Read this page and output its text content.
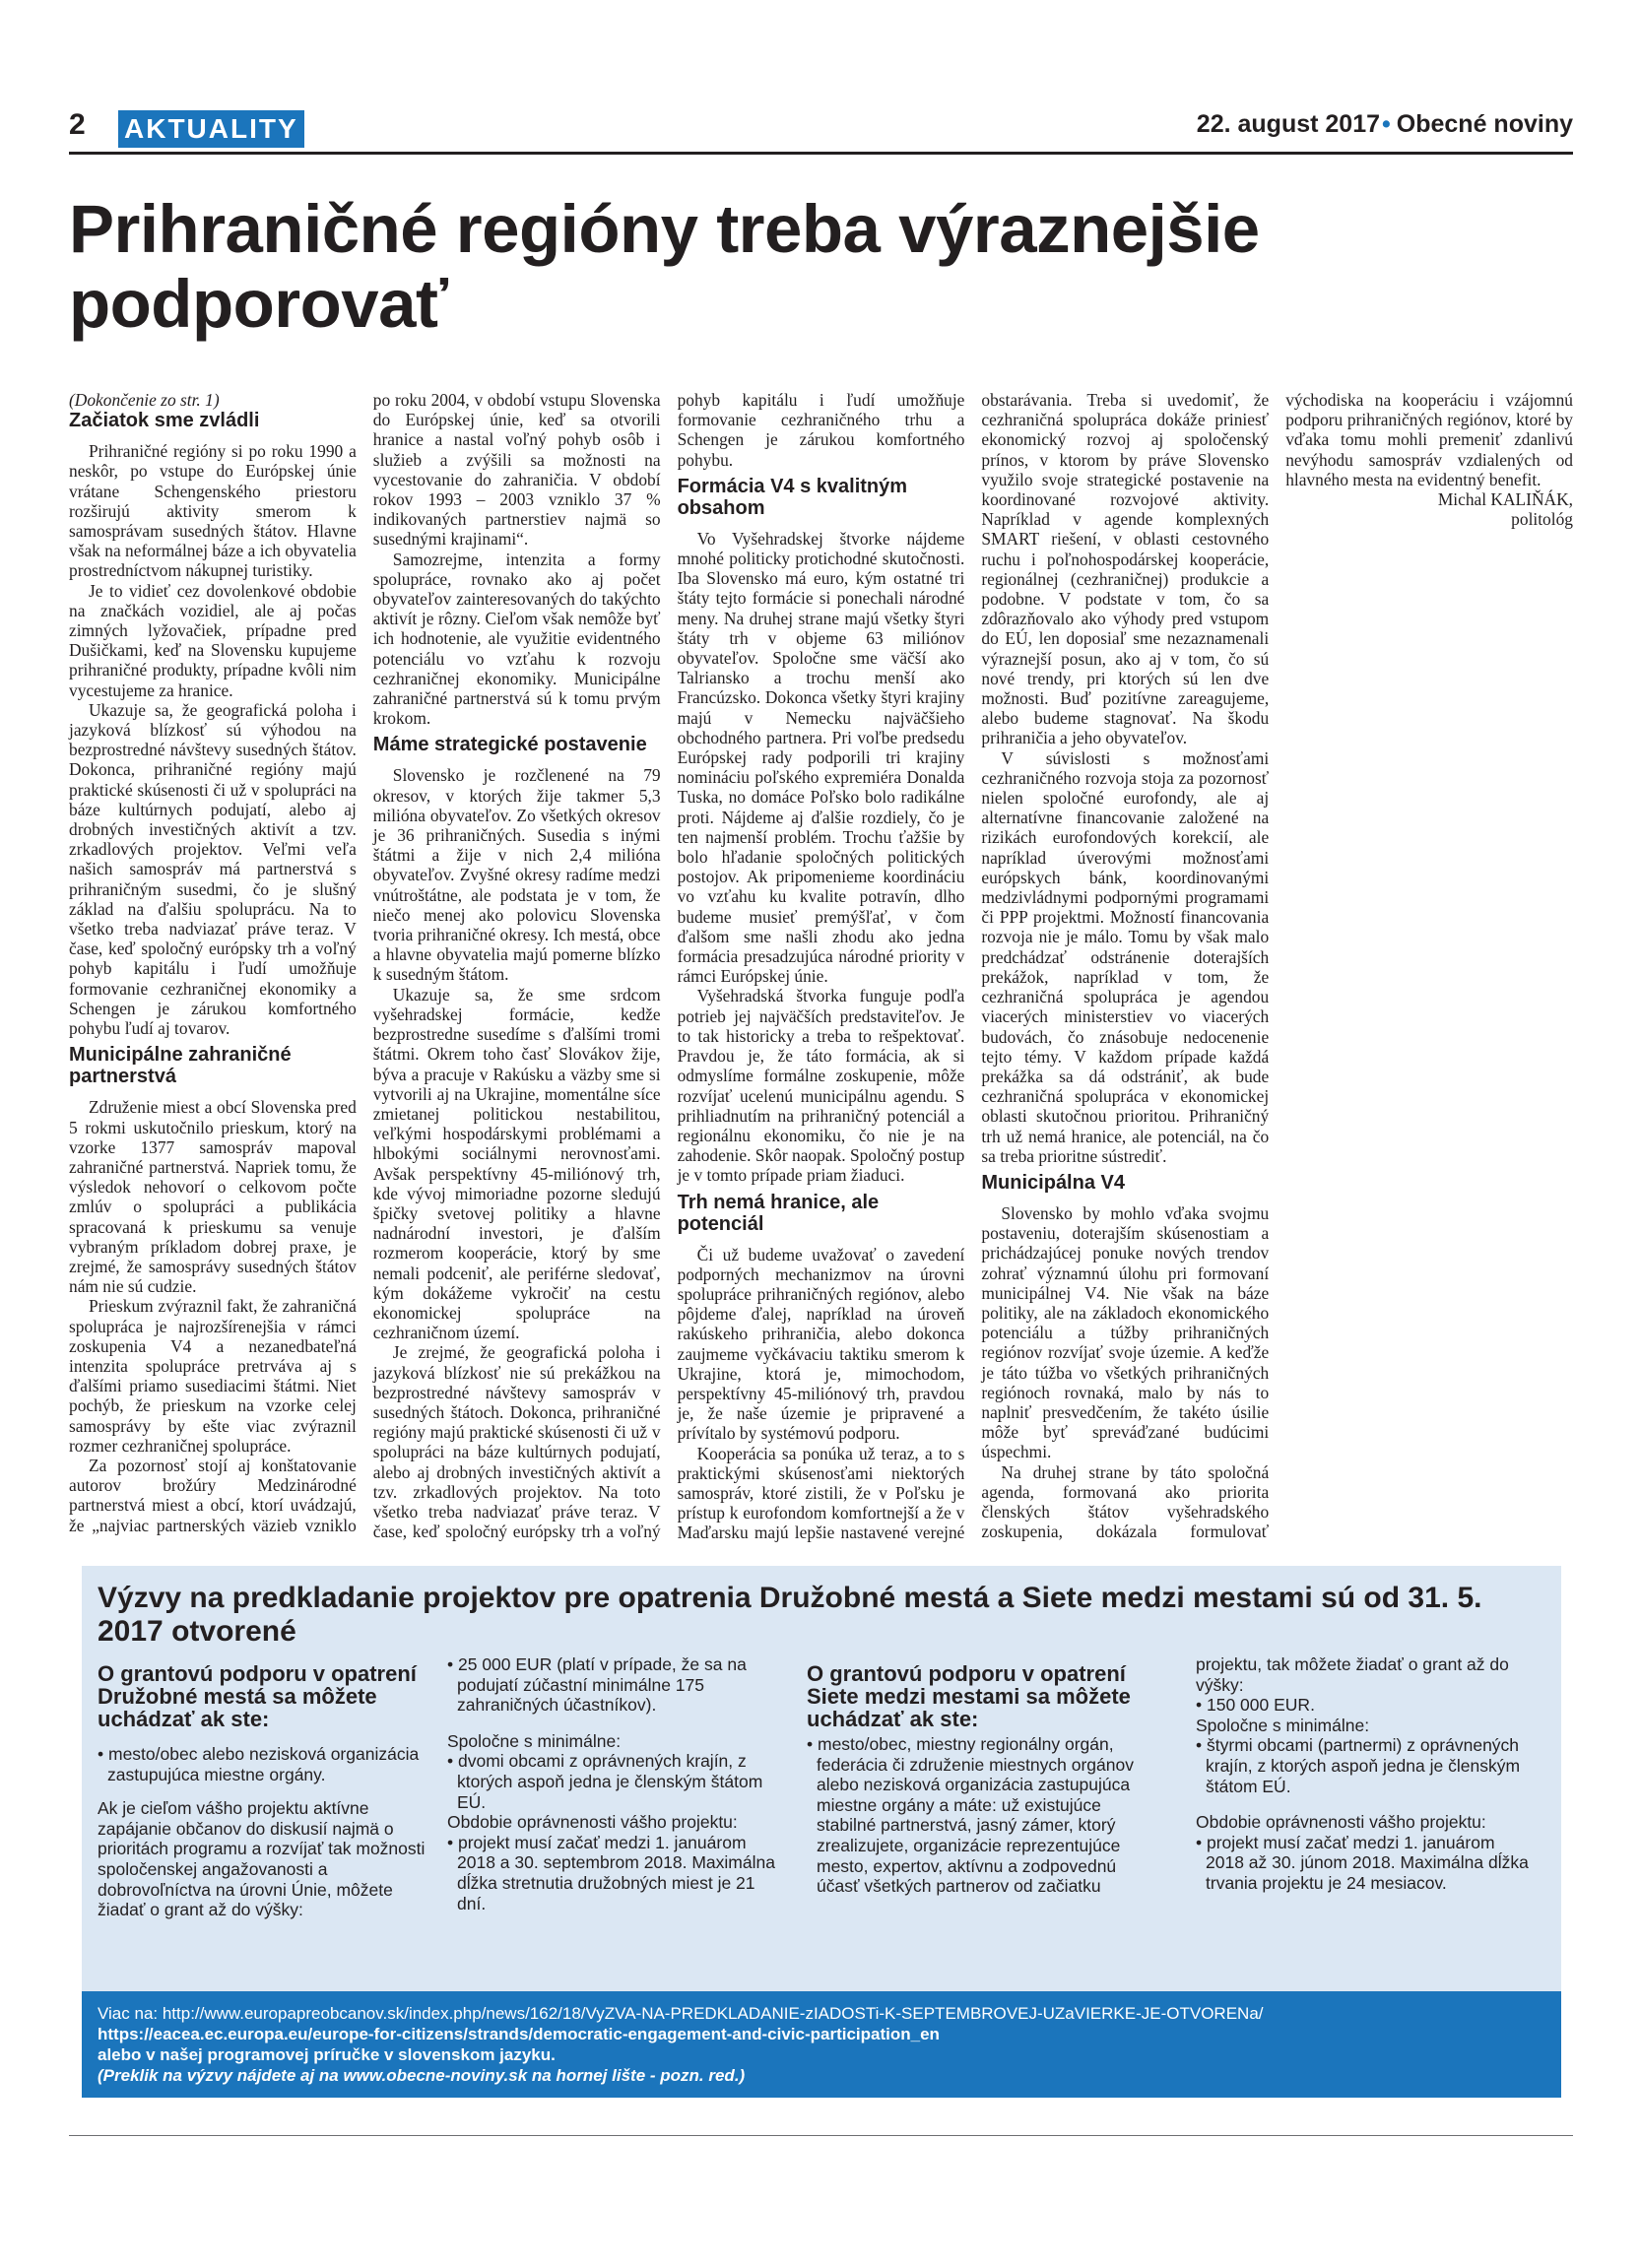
2 AKTUALITY	22. august 2017• Obecné noviny
Prihraničné regióny treba výraznejšie podporovať

(Dokončenie zo str. 1)

Začiatok sme zvládli

Prihraničné regióny si po roku 1990 a neskôr, po vstupe do Európskej únie vrátane Schengenského priestoru rozširujú aktivity smerom k samosprávam susedných štátov. Hlavne však na neformálnej báze a ich obyvatelia prostredníctvom nákupnej turistiky.

Je to vidieť cez dovolenkové obdobie na značkách vozidiel, ale aj počas zimných lyžovačiek, prípadne pred Dušičkami, keď na Slovensku kupujeme prihraničné produkty, prípadne kvôli nim vycestujeme za hranice.

Ukazuje sa, že geografická poloha i jazyková blízkosť sú výhodou na bezprostredné návštevy susedných štátov. Dokonca, prihraničné regióny majú praktické skúsenosti či už v spolupráci na báze kultúrnych podujatí, alebo aj drobných investičných aktivít a tzv. zrkadlových projektov. Veľmi veľa našich samospráv má partnerstvá s prihraničným susedmi, čo je slušný základ na ďalšiu spoluprácu. Na to všetko treba nadviazať práve teraz. V čase, keď spoločný európsky trh a voľný pohyb kapitálu i ľudí umožňuje formovanie cezhraničnej ekonomiky a Schengen je zárukou komfortného pohybu ľudí aj tovarov.

Municipálne zahraničné partnerstvá

Združenie miest a obcí Slovenska pred 5 rokmi uskutočnilo prieskum, ktorý na vzorke 1377 samospráv mapoval zahraničné partnerstvá. Napriek tomu, že výsledok nehovorí o celkovom počte zmlúv o spolupráci a publikácia spracovaná k prieskumu sa venuje vybraným príkladom dobrej praxe, je zrejmé, že samosprávy susedných štátov nám nie sú cudzie.

Prieskum zvýraznil fakt, že zahraničná spolupráca je najrozšírenejšia v rámci zoskupenia V4 a nezanedbateľná intenzita spolupráce pretrváva aj s ďalšími priamo susediacimi štátmi. Niet pochýb, že prieskum na vzorke celej samosprávy by ešte viac zvýraznil rozmer cezhraničnej spolupráce.

Za pozornosť stojí aj konštatovanie autorov brožúry Medzinárodné partnerstvá miest a obcí, ktorí uvádzajú, že „najviac partnerských väzieb vzniklo po roku 2004, v období vstupu Slovenska do Európskej únie, keď sa otvorili hranice a nastal voľný pohyb osôb i služieb a zvýšili sa možnosti na vycestovanie do zahraničia. V období rokov 1993 – 2003 vzniklo 37 % indikovaných partnerstiev najmä so susednými krajinami“.

Samozrejme, intenzita a formy spolupráce, rovnako ako aj počet obyvateľov zainteresovaných do takýchto aktivít je rôzny. Cieľom však nemôže byť ich hodnotenie, ale využitie evidentného potenciálu vo vzťahu k rozvoju cezhraničnej ekonomiky. Municipálne zahraničné partnerstvá sú k tomu prvým krokom.

Máme strategické postavenie

Slovensko je rozčlenené na 79 okresov, v ktorých žije takmer 5,3 milióna obyvateľov. Zo všetkých okresov je 36 prihraničných. Susedia s inými štátmi a žije v nich 2,4 milióna obyvateľov. Zvyšné okresy radíme medzi vnútroštátne, ale podstata je v tom, že niečo menej ako polovicu Slovenska tvoria prihraničné okresy. Ich mestá, obce a hlavne obyvatelia majú pomerne blízko k susedným štátom.

Ukazuje sa, že sme srdcom vyšehradskej formácie, kedže bezprostredne susedíme s ďalšími tromi štátmi. Okrem toho časť Slovákov žije, býva a pracuje v Rakúsku a väzby sme si vytvorili aj na Ukrajine, momentálne síce zmietanej politickou nestabilitou, veľkými hospodárskymi problémami a hlbokými sociálnymi nerovnosťami. Avšak perspektívny 45-miliónový trh, kde vývoj mimoriadne pozorne sledujú špičky svetovej politiky a hlavne nadnárodní investori, je ďalším rozmerom kooperácie, ktorý by sme nemali podceniť, ale periférne sledovať, kým dokážeme vykročiť na cestu ekonomickej spolupráce na cezhraničnom území.

Je zrejmé, že geografická poloha i jazyková blízkosť nie sú prekážkou na bezprostredné návštevy samospráv v susedných štátoch. Dokonca, prihraničné regióny majú praktické skúsenosti či už v spolupráci na báze kultúrnych podujatí, alebo aj drobných investičných aktivít a tzv. zrkadlových projektov. Na toto všetko treba nadviazať práve teraz. V čase, keď spoločný európsky trh a voľný pohyb kapitálu i ľudí umožňuje formovanie cezhraničného trhu a Schengen je zárukou komfortného pohybu.

Formácia V4 s kvalitným obsahom

Vo Vyšehradskej štvorke nájdeme mnohé politicky protichodné skutočnosti. Iba Slovensko má euro, kým ostatné tri štáty tejto formácie si ponechali národné meny. Na druhej strane majú všetky štyri štáty trh v objeme 63 miliónov obyvateľov. Spoločne sme väčší ako Talriansko a trochu menší ako Francúzsko. Dokonca všetky štyri krajiny majú v Nemecku najväčšieho obchodného partnera. Pri voľbe predsedu Európskej rady podporili tri krajiny nomináciu poľského expremiéra Donalda Tuska, no domáce Poľsko bolo radikálne proti. Nájdeme aj ďalšie rozdiely, čo je ten najmenší problém. Trochu ťažšie by bolo hľadanie spoločných politických postojov. Ak pripomenieme koordináciu vo vzťahu ku kvalite potravín, dlho budeme musieť premýšľať, v čom ďalšom sme našli zhodu ako jedna formácia presadzujúca národné priority v rámci Európskej únie.

Vyšehradská štvorka funguje podľa potrieb jej najväčších predstaviteľov. Je to tak historicky a treba to rešpektovať. Pravdou je, že táto formácia, ak si odmyslíme formálne zoskupenie, môže rozvíjať ucelenú municipálnu agendu. S prihliadnutím na prihraničný potenciál a regionálnu ekonomiku, čo nie je na zahodenie. Skôr naopak. Spoločný postup je v tomto prípade priam žiaduci.

Trh nemá hranice, ale potenciál

Či už budeme uvažovať o zavedení podporných mechanizmov na úrovni spolupráce prihraničných regiónov, alebo pôjdeme ďalej, napríklad na úroveň rakúskeho prihraničia, alebo dokonca zaujmeme vyčkávaciu taktiku smerom k Ukrajine, ktorá je, mimochodom, perspektívny 45-miliónový trh, pravdou je, že naše územie je pripravené a prívítalo by systémovú podporu.

Kooperácia sa ponúka už teraz, a to s praktickými skúsenosťami niektorých samospráv, ktoré zistili, že v Poľsku je prístup k eurofondom komfortnejší a že v Maďarsku majú lepšie nastavené verejné obstarávania. Treba si uvedomiť, že cezhraničná spolupráca dokáže priniesť ekonomický rozvoj aj spoločenský prínos, v ktorom by práve Slovensko využilo svoje strategické postavenie na koordinované rozvojové aktivity. Napríklad v agende komplexných SMART riešení, v oblasti cestovného ruchu i poľnohospodárskej kooperácie, regionálnej (cezhraničnej) produkcie a podobne. V podstate v tom, čo sa zdôrazňovalo ako výhody pred vstupom do EÚ, len doposiaľ sme nezaznamenali výraznejší posun, ako aj v tom, čo sú nové trendy, pri ktorých sú len dve možnosti. Buď pozitívne zareagujeme, alebo budeme stagnovať. Na škodu prihraničia a jeho obyvateľov.

V súvislosti s možnosťami cezhraničného rozvoja stoja za pozornosť nielen spoločné eurofondy, ale aj alternatívne financovanie založené na rizikách eurofondových korekcií, ale napríklad úverovými možnosťami európskych bánk, koordinovanými medzivládnymi podpornými programami či PPP projektmi. Možností financovania rozvoja nie je málo. Tomu by však malo predchádzať odstránenie doterajších prekážok, napríklad v tom, že cezhraničná spolupráca je agendou viacerých ministerstiev vo viacerých budovách, čo znásobuje nedocenenie tejto témy. V každom prípade každá prekážka sa dá odstrániť, ak bude cezhraničná spolupráca v ekonomickej oblasti skutočnou prioritou. Prihraničný trh už nemá hranice, ale potenciál, na čo sa treba prioritne sústrediť.

Municipálna V4

Slovensko by mohlo vďaka svojmu postaveniu, doterajším skúsenostiam a prichádzajúcej ponuke nových trendov zohrať významnú úlohu pri formovaní municipálnej V4. Nie však na báze politiky, ale na základoch ekonomického potenciálu a túžby prihraničných regiónov rozvíjať svoje územie. A keďže je táto túžba vo všetkých prihraničných regiónoch rovnaká, malo by nás to naplniť presvedčením, že takéto úsilie môže byť spreváďzané budúcimi úspechmi.

Na druhej strane by táto spoločná agenda, formovaná ako priorita členských štátov vyšehradského zoskupenia, dokázala formulovať východiska na kooperáciu i vzájomnú podporu prihraničných regiónov, ktoré by vďaka tomu mohli premeniť zdanlivú nevýhodu samospráv vzdialených od hlavného mesta na evidentný benefit.

Michal KALIŇÁK,

politológ

Výzvy na predkladanie projektov pre opatrenia Družobné mestá a Siete medzi mestami sú od 31. 5. 2017 otvorené
O grantovú podporu v opatrení Družobné mestá sa môžete uchádzať ak ste:
• mesto/obec alebo nezisková organizácia zastupujúca miestne orgány.

Ak je cieľom vášho projektu aktívne zapájanie občanov do diskusií najmä o prioritách programu a rozvíjať tak možnosti spoločenskej angažovanosti a dobrovoľníctva na úrovni Únie, môžete žiadať o grant až do výšky:

• 25 000 EUR (platí v prípade, že sa na podujatí zúčastní minimálne 175 zahraničných účastníkov).

Spoločne s minimálne:

• dvomi obcami z oprávnených krajín, z ktorých aspoň jedna je členským štátom EÚ.

Obdobie oprávnenosti vášho projektu:

• projekt musí začať medzi 1. januárom 2018 a 30. septembrom 2018. Maximálna dĺžka stretnutia družobných miest je 21 dní.
O grantovú podporu v opatrení Siete medzi mestami sa môžete uchádzať ak ste:
• mesto/obec, miestny regionálny orgán, federácia či združenie miestnych orgánov alebo nezisková organizácia zastupujúca miestne orgány a máte: už existujúce stabilné partnerstvá, jasný zámer, ktorý zrealizujete, organizácie reprezentujúce mesto, expertov, aktívnu a zodpovednú účasť všetkých partnerov od začiatku

projektu, tak môžete žiadať o grant až do výšky:

• 150 000 EUR.

Spoločne s minimálne:

• štyrmi obcami (partnermi) z oprávnených krajín, z ktorých aspoň jedna je členským štátom EÚ.

Obdobie oprávnenosti vášho projektu:

• projekt musí začať medzi 1. januárom 2018 až 30. júnom 2018. Maximálna dĺžka trvania projektu je 24 mesiacov.
Viac na: http://www.europapreobcanov.sk/index.php/news/162/18/VyZVA-NA-PREDKLADANIE-zIADOSTi-K-SEPTEMBROVEJ-UZaVIERKE-JE-OTVORENa/
https://eacea.ec.europa.eu/europe-for-citizens/strands/democratic-engagement-and-civic-participation_en
alebo v našej programovej príručke v slovenskom jazyku.
(Preklik na výzvy nájdete aj na www.obecne-noviny.sk na hornej lište - pozn. red.)
